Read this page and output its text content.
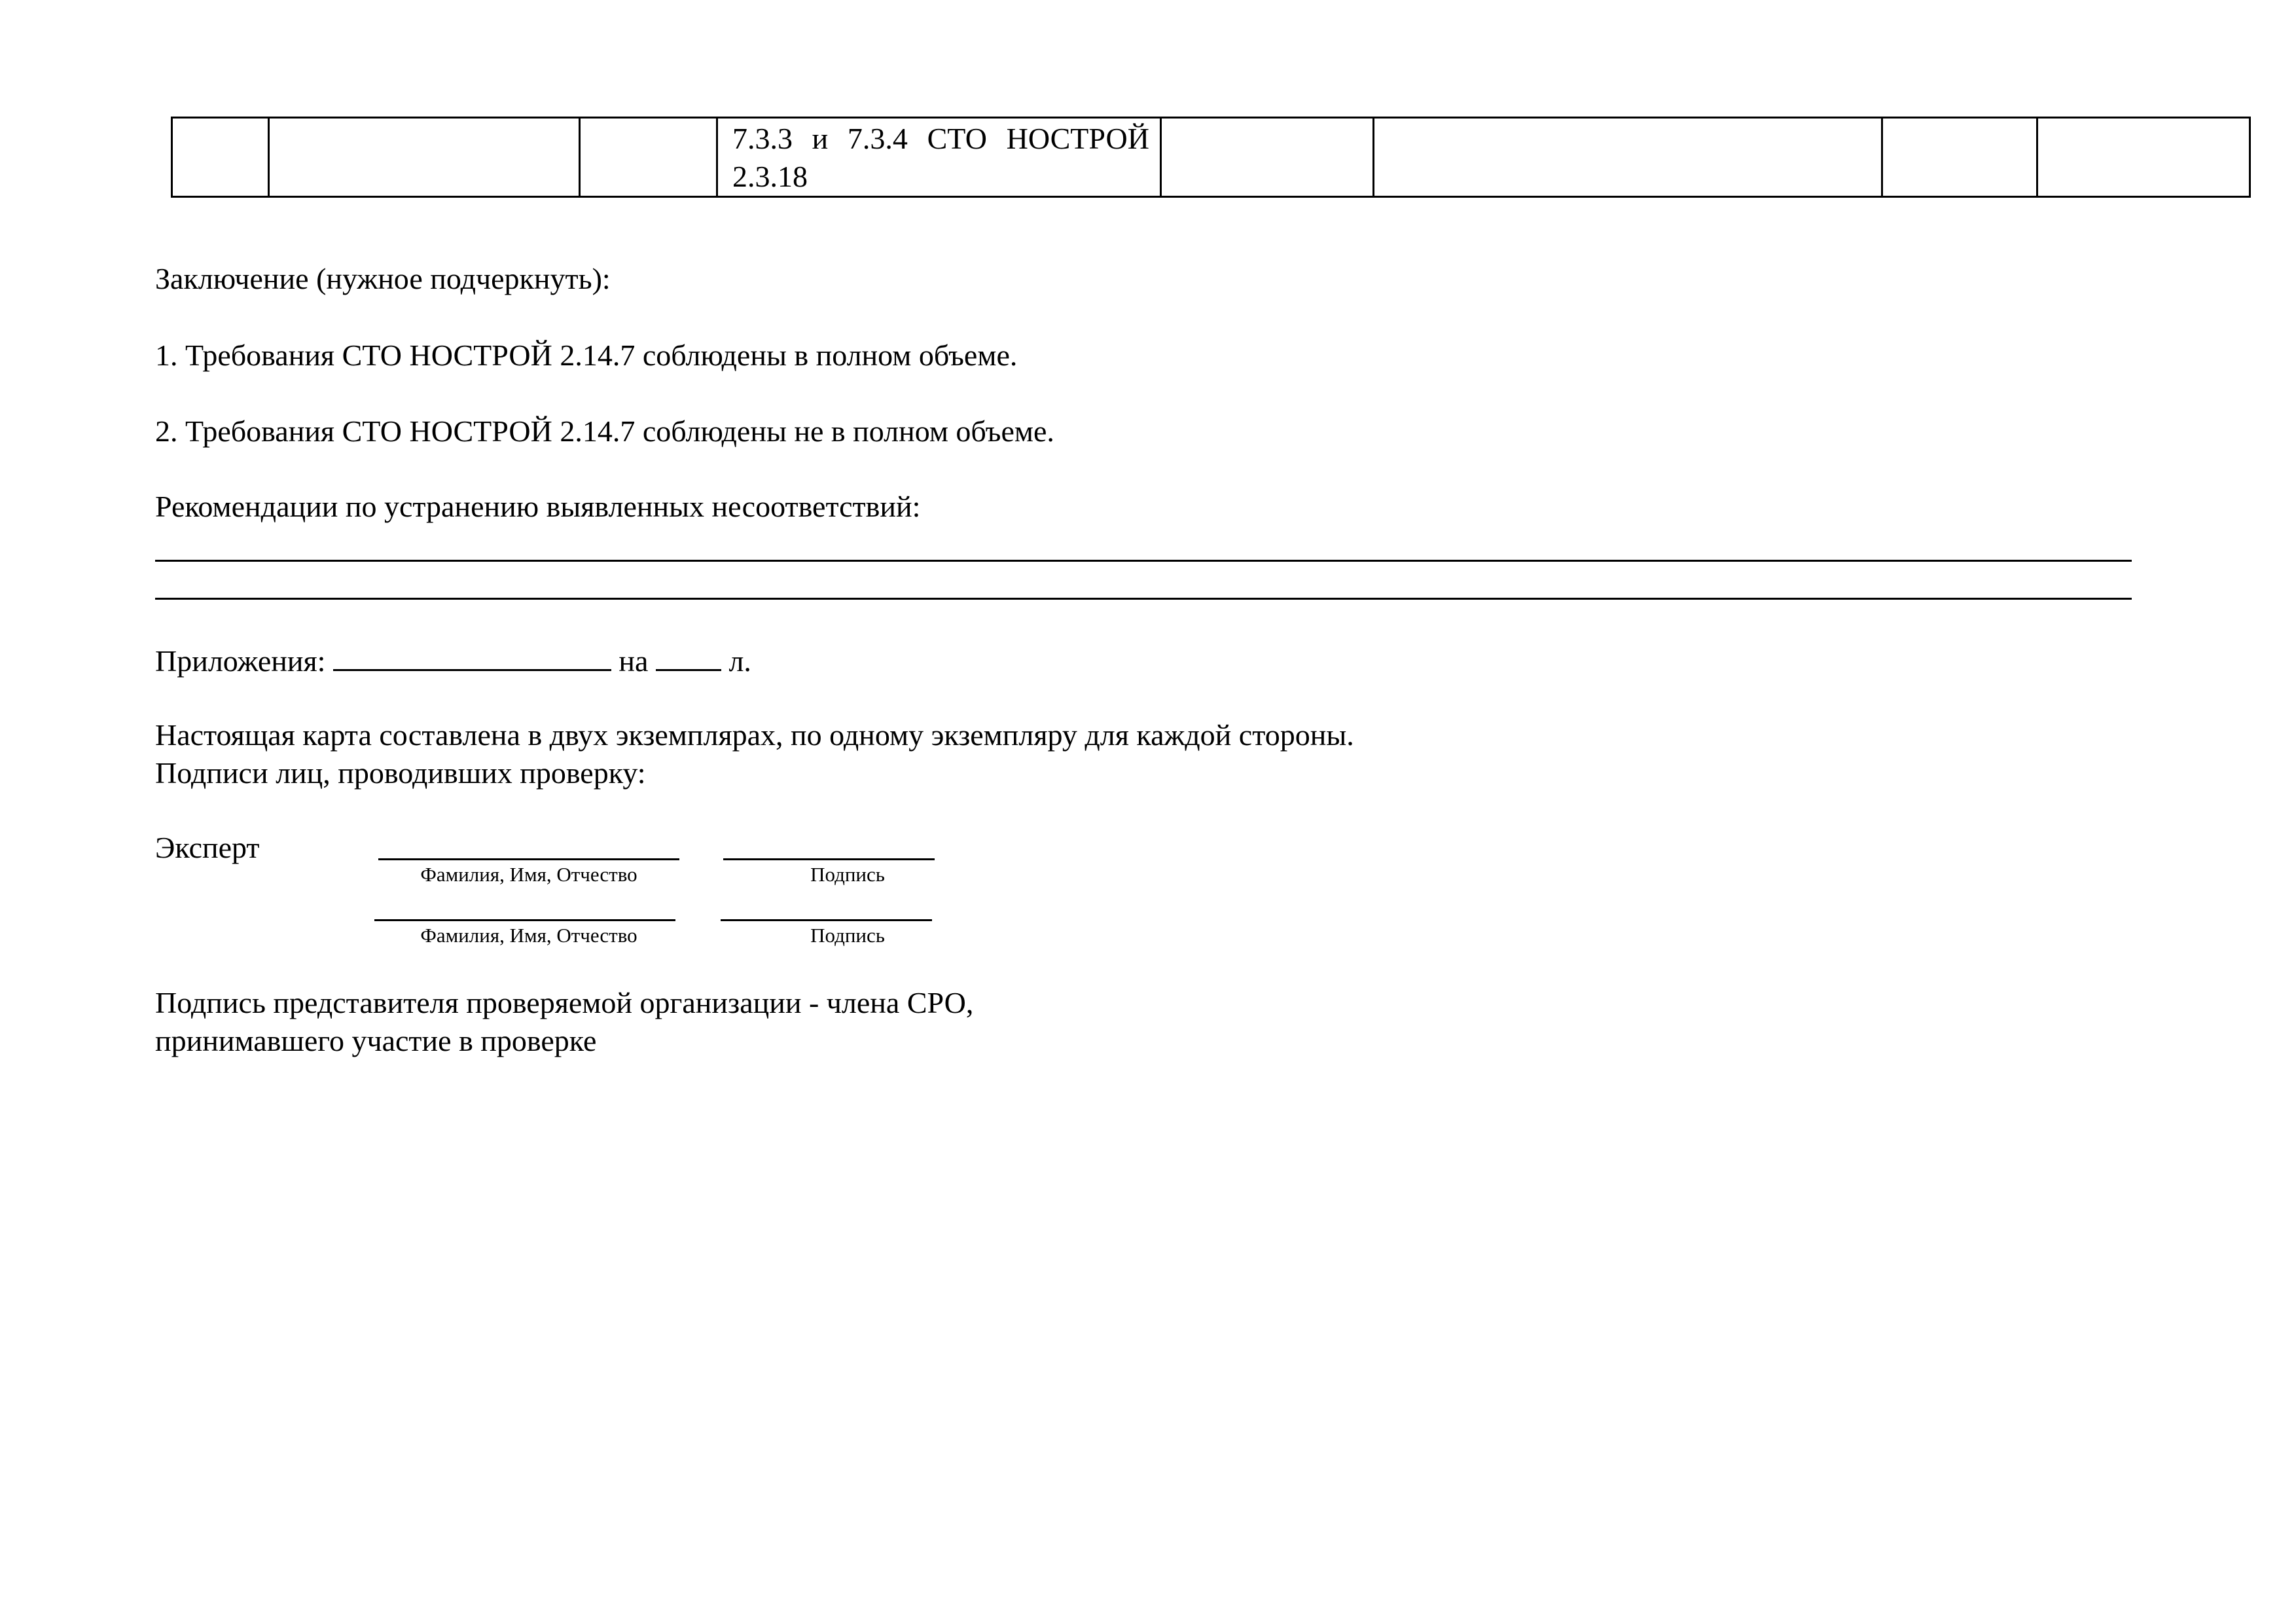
7.3.3 и 7.3.4 СТО НОСТРОЙ
2.3.18				
Заключение (нужное подчеркнуть):
1. Требования СТО НОСТРОЙ 2.14.7 соблюдены в полном объеме.
2. Требования СТО НОСТРОЙ 2.14.7 соблюдены не в полном объеме.
Рекомендации по устранению выявленных несоответствий:
Приложения:	на	л.
Настоящая карта составлена в двух экземплярах, по одному экземпляру для каждой стороны.
Подписи лиц, проводивших проверку:
Эксперт
Фамилия, Имя, Отчество	Подпись
Фамилия, Имя, Отчество	Подпись
Подпись представителя проверяемой организации - члена СРО,
принимавшего участие в проверке
